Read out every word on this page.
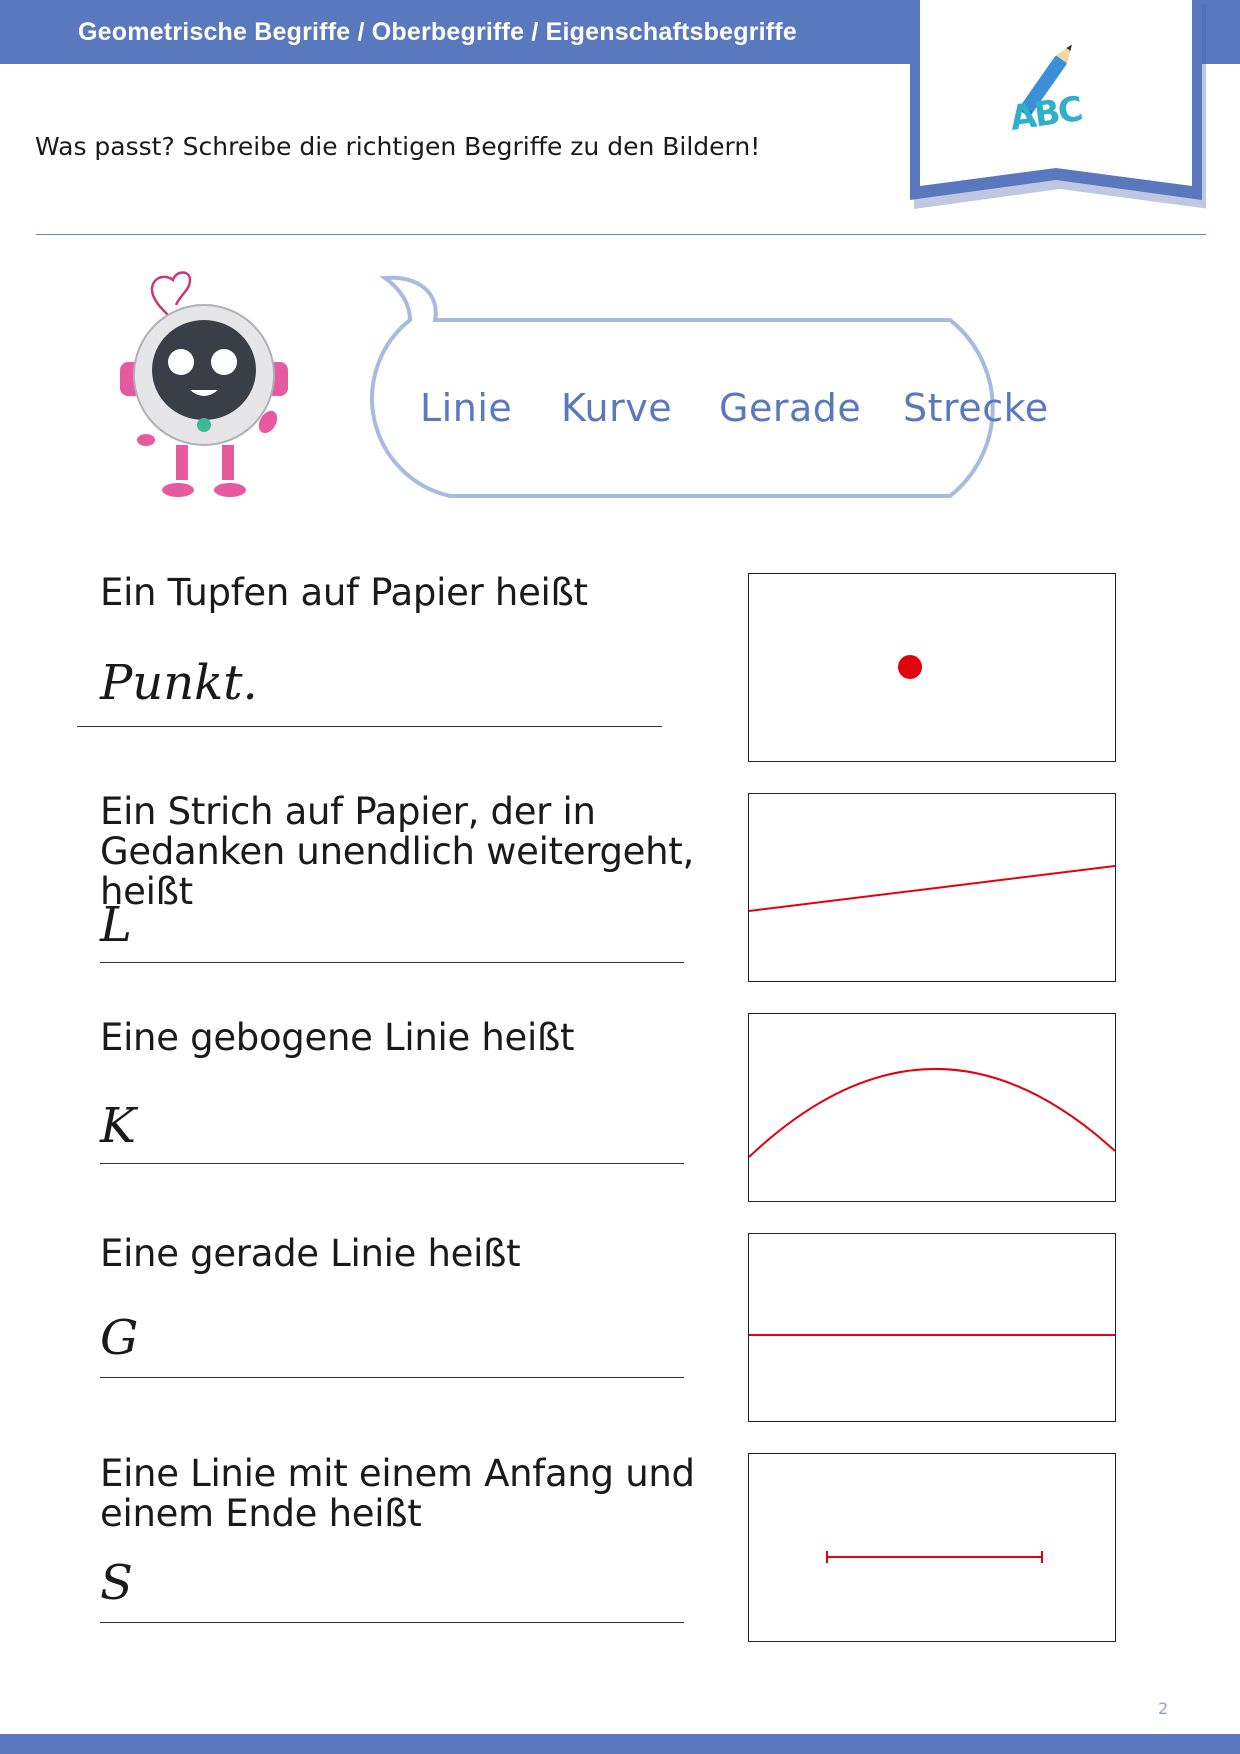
Geometrische Begriffe / Oberbegriffe / Eigenschaftsbegriffe
ABC
Was passt? Schreibe die richtigen Begriffe zu den Bildern!
Linie Kurve Gerade Strecke
Ein Tupfen auf Papier heißt
Punkt.
Ein Strich auf Papier, der in Gedanken unendlich weitergeht, heißt
L
Eine gebogene Linie heißt
K
Eine gerade Linie heißt
G
Eine Linie mit einem Anfang und einem Ende heißt
S
2
